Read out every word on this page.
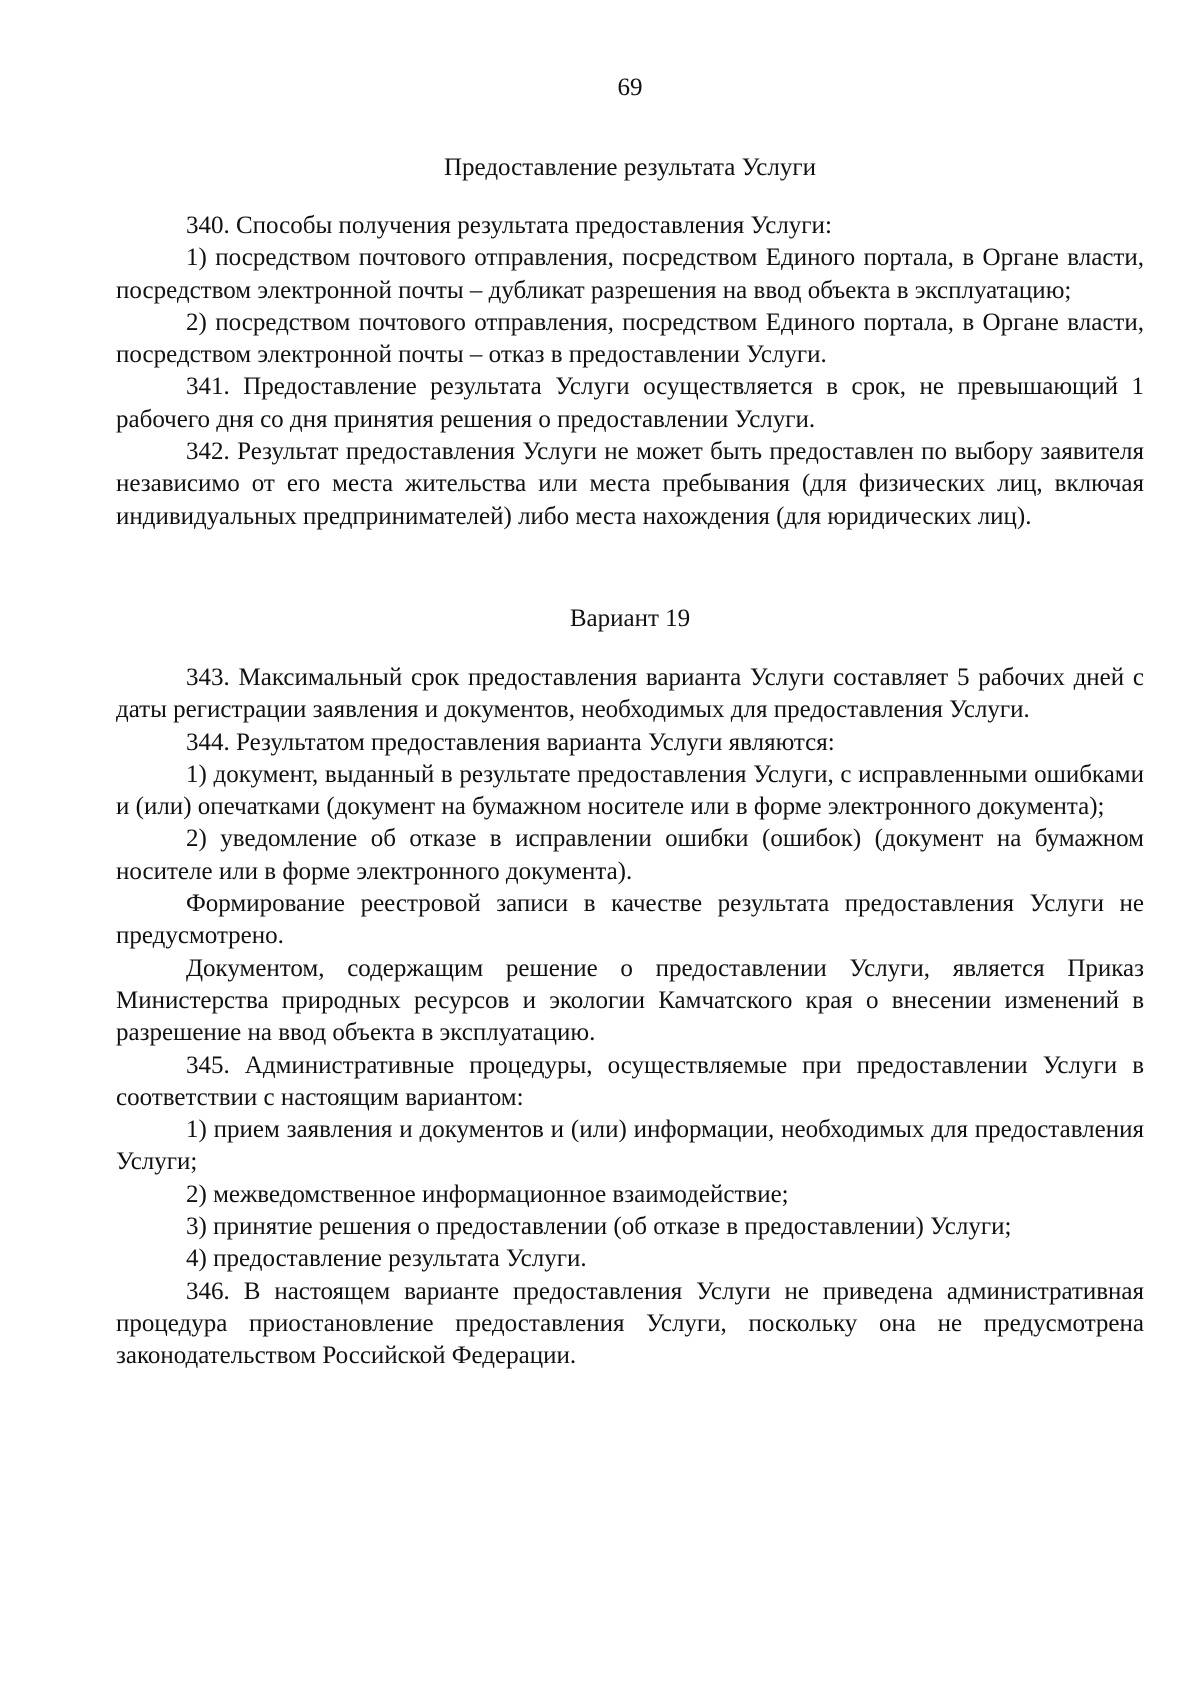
69
Предоставление результата Услуги

340. Способы получения результата предоставления Услуги:

1) посредством почтового отправления, посредством Единого портала, в Органе власти, посредством электронной почты – дубликат разрешения на ввод объекта в эксплуатацию;

2) посредством почтового отправления, посредством Единого портала, в Органе власти, посредством электронной почты – отказ в предоставлении Услуги.

341. Предоставление результата Услуги осуществляется в срок, не превышающий 1 рабочего дня со дня принятия решения о предоставлении Услуги.

342. Результат предоставления Услуги не может быть предоставлен по выбору заявителя независимо от его места жительства или места пребывания (для физических лиц, включая индивидуальных предпринимателей) либо места нахождения (для юридических лиц).

Вариант 19

343. Максимальный срок предоставления варианта Услуги составляет 5 рабочих дней с даты регистрации заявления и документов, необходимых для предоставления Услуги.

344. Результатом предоставления варианта Услуги являются:

1) документ, выданный в результате предоставления Услуги, с исправленными ошибками и (или) опечатками (документ на бумажном носителе или в форме электронного документа);

2) уведомление об отказе в исправлении ошибки (ошибок) (документ на бумажном носителе или в форме электронного документа).

Формирование реестровой записи в качестве результата предоставления Услуги не предусмотрено.

Документом, содержащим решение о предоставлении Услуги, является Приказ Министерства природных ресурсов и экологии Камчатского края о внесении изменений в разрешение на ввод объекта в эксплуатацию.

345. Административные процедуры, осуществляемые при предоставлении Услуги в соответствии с настоящим вариантом:

1) прием заявления и документов и (или) информации, необходимых для предоставления Услуги;

2) межведомственное информационное взаимодействие;

3) принятие решения о предоставлении (об отказе в предоставлении) Услуги;

4) предоставление результата Услуги.

346. В настоящем варианте предоставления Услуги не приведена административная процедура приостановление предоставления Услуги, поскольку она не предусмотрена законодательством Российской Федерации.
